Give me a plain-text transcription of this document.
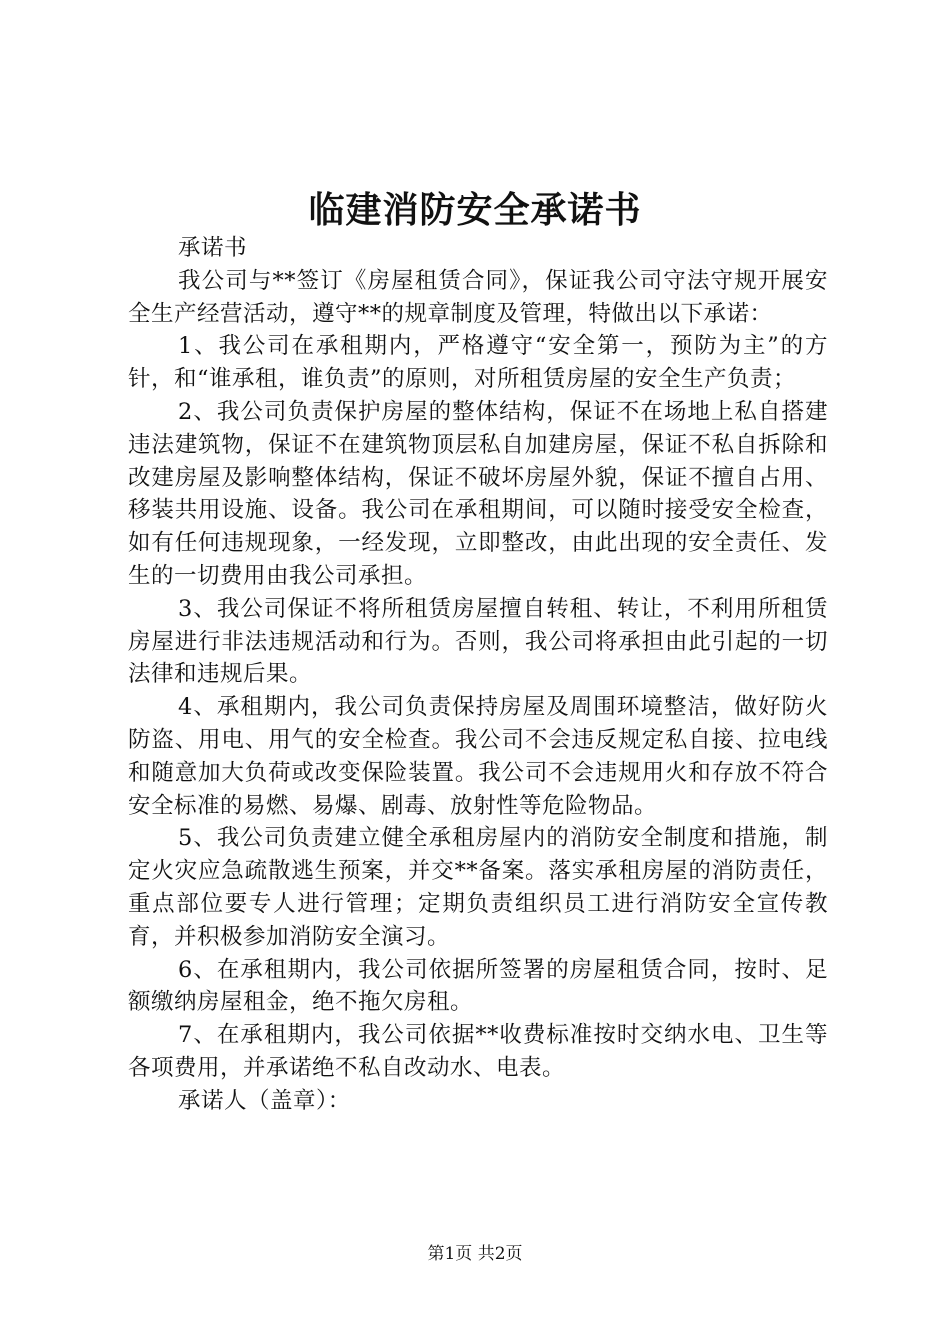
临建消防安全承诺书

承诺书

我公司与**签订《房屋租赁合同》，保证我公司守法守规开展安全生产经营活动，遵守**的规章制度及管理，特做出以下承诺：

1、我公司在承租期内，严格遵守“安全第一，预防为主”的方针，和“谁承租，谁负责”的原则，对所租赁房屋的安全生产负责；

2、我公司负责保护房屋的整体结构，保证不在场地上私自搭建违法建筑物，保证不在建筑物顶层私自加建房屋，保证不私自拆除和改建房屋及影响整体结构，保证不破坏房屋外貌，保证不擅自占用、移装共用设施、设备。我公司在承租期间，可以随时接受安全检查，如有任何违规现象，一经发现，立即整改，由此出现的安全责任、发生的一切费用由我公司承担。

3、我公司保证不将所租赁房屋擅自转租、转让，不利用所租赁房屋进行非法违规活动和行为。否则，我公司将承担由此引起的一切法律和违规后果。

4、承租期内，我公司负责保持房屋及周围环境整洁，做好防火防盗、用电、用气的安全检查。我公司不会违反规定私自接、拉电线和随意加大负荷或改变保险装置。我公司不会违规用火和存放不符合安全标准的易燃、易爆、剧毒、放射性等危险物品。

5、我公司负责建立健全承租房屋内的消防安全制度和措施，制定火灾应急疏散逃生预案，并交**备案。落实承租房屋的消防责任，重点部位要专人进行管理；定期负责组织员工进行消防安全宣传教育，并积极参加消防安全演习。

6、在承租期内，我公司依据所签署的房屋租赁合同，按时、足额缴纳房屋租金，绝不拖欠房租。

7、在承租期内，我公司依据**收费标准按时交纳水电、卫生等各项费用，并承诺绝不私自改动水、电表。

承诺人（盖章）：

第1页 共2页
